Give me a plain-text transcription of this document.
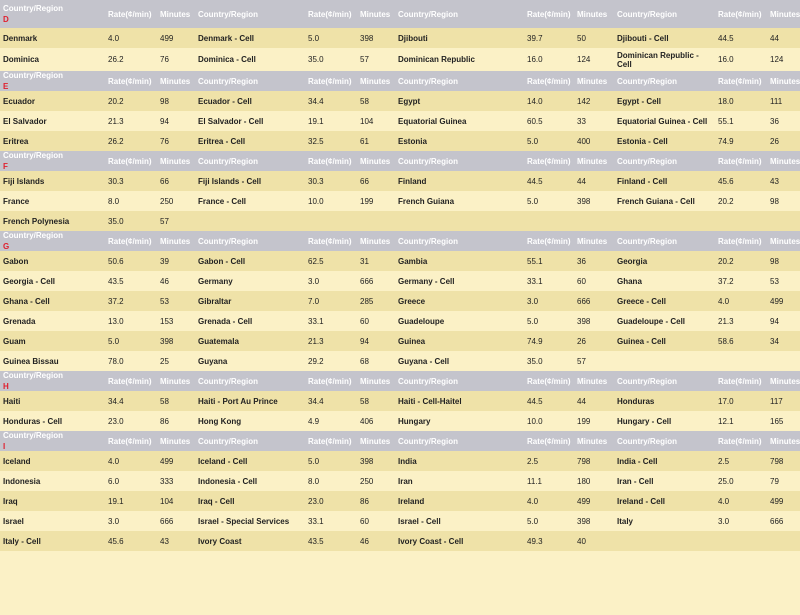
Country/Region
D	Rate(¢/min)	Minutes	Country/Region	Rate(¢/min)	Minutes	Country/Region	Rate(¢/min)	Minutes	Country/Region	Rate(¢/min)	Minutes
Denmark	4.0	499	Denmark - Cell	5.0	398	Djibouti	39.7	50	Djibouti - Cell	44.5	44
Dominica	26.2	76	Dominica - Cell	35.0	57	Dominican Republic	16.0	124	Dominican Republic - Cell	16.0	124
Country/Region
E	Rate(¢/min)	Minutes	Country/Region	Rate(¢/min)	Minutes	Country/Region	Rate(¢/min)	Minutes	Country/Region	Rate(¢/min)	Minutes
Ecuador	20.2	98	Ecuador - Cell	34.4	58	Egypt	14.0	142	Egypt - Cell	18.0	111
El Salvador	21.3	94	El Salvador - Cell	19.1	104	Equatorial Guinea	60.5	33	Equatorial Guinea - Cell	55.1	36
Eritrea	26.2	76	Eritrea - Cell	32.5	61	Estonia	5.0	400	Estonia - Cell	74.9	26
Country/Region
F	Rate(¢/min)	Minutes	Country/Region	Rate(¢/min)	Minutes	Country/Region	Rate(¢/min)	Minutes	Country/Region	Rate(¢/min)	Minutes
Fiji Islands	30.3	66	Fiji Islands - Cell	30.3	66	Finland	44.5	44	Finland - Cell	45.6	43
France	8.0	250	France - Cell	10.0	199	French Guiana	5.0	398	French Guiana - Cell	20.2	98
French Polynesia	35.0	57									
Country/Region
G	Rate(¢/min)	Minutes	Country/Region	Rate(¢/min)	Minutes	Country/Region	Rate(¢/min)	Minutes	Country/Region	Rate(¢/min)	Minutes
Gabon	50.6	39	Gabon - Cell	62.5	31	Gambia	55.1	36	Georgia	20.2	98
Georgia - Cell	43.5	46	Germany	3.0	666	Germany - Cell	33.1	60	Ghana	37.2	53
Ghana - Cell	37.2	53	Gibraltar	7.0	285	Greece	3.0	666	Greece - Cell	4.0	499
Grenada	13.0	153	Grenada - Cell	33.1	60	Guadeloupe	5.0	398	Guadeloupe - Cell	21.3	94
Guam	5.0	398	Guatemala	21.3	94	Guinea	74.9	26	Guinea - Cell	58.6	34
Guinea Bissau	78.0	25	Guyana	29.2	68	Guyana - Cell	35.0	57			
Country/Region
H	Rate(¢/min)	Minutes	Country/Region	Rate(¢/min)	Minutes	Country/Region	Rate(¢/min)	Minutes	Country/Region	Rate(¢/min)	Minutes
Haiti	34.4	58	Haiti - Port Au Prince	34.4	58	Haiti - Cell-Haitel	44.5	44	Honduras	17.0	117
Honduras - Cell	23.0	86	Hong Kong	4.9	406	Hungary	10.0	199	Hungary - Cell	12.1	165
Country/Region
I	Rate(¢/min)	Minutes	Country/Region	Rate(¢/min)	Minutes	Country/Region	Rate(¢/min)	Minutes	Country/Region	Rate(¢/min)	Minutes
Iceland	4.0	499	Iceland - Cell	5.0	398	India	2.5	798	India - Cell	2.5	798
Indonesia	6.0	333	Indonesia - Cell	8.0	250	Iran	11.1	180	Iran - Cell	25.0	79
Iraq	19.1	104	Iraq - Cell	23.0	86	Ireland	4.0	499	Ireland - Cell	4.0	499
Israel	3.0	666	Israel - Special Services	33.1	60	Israel - Cell	5.0	398	Italy	3.0	666
Italy - Cell	45.6	43	Ivory Coast	43.5	46	Ivory Coast - Cell	49.3	40			
